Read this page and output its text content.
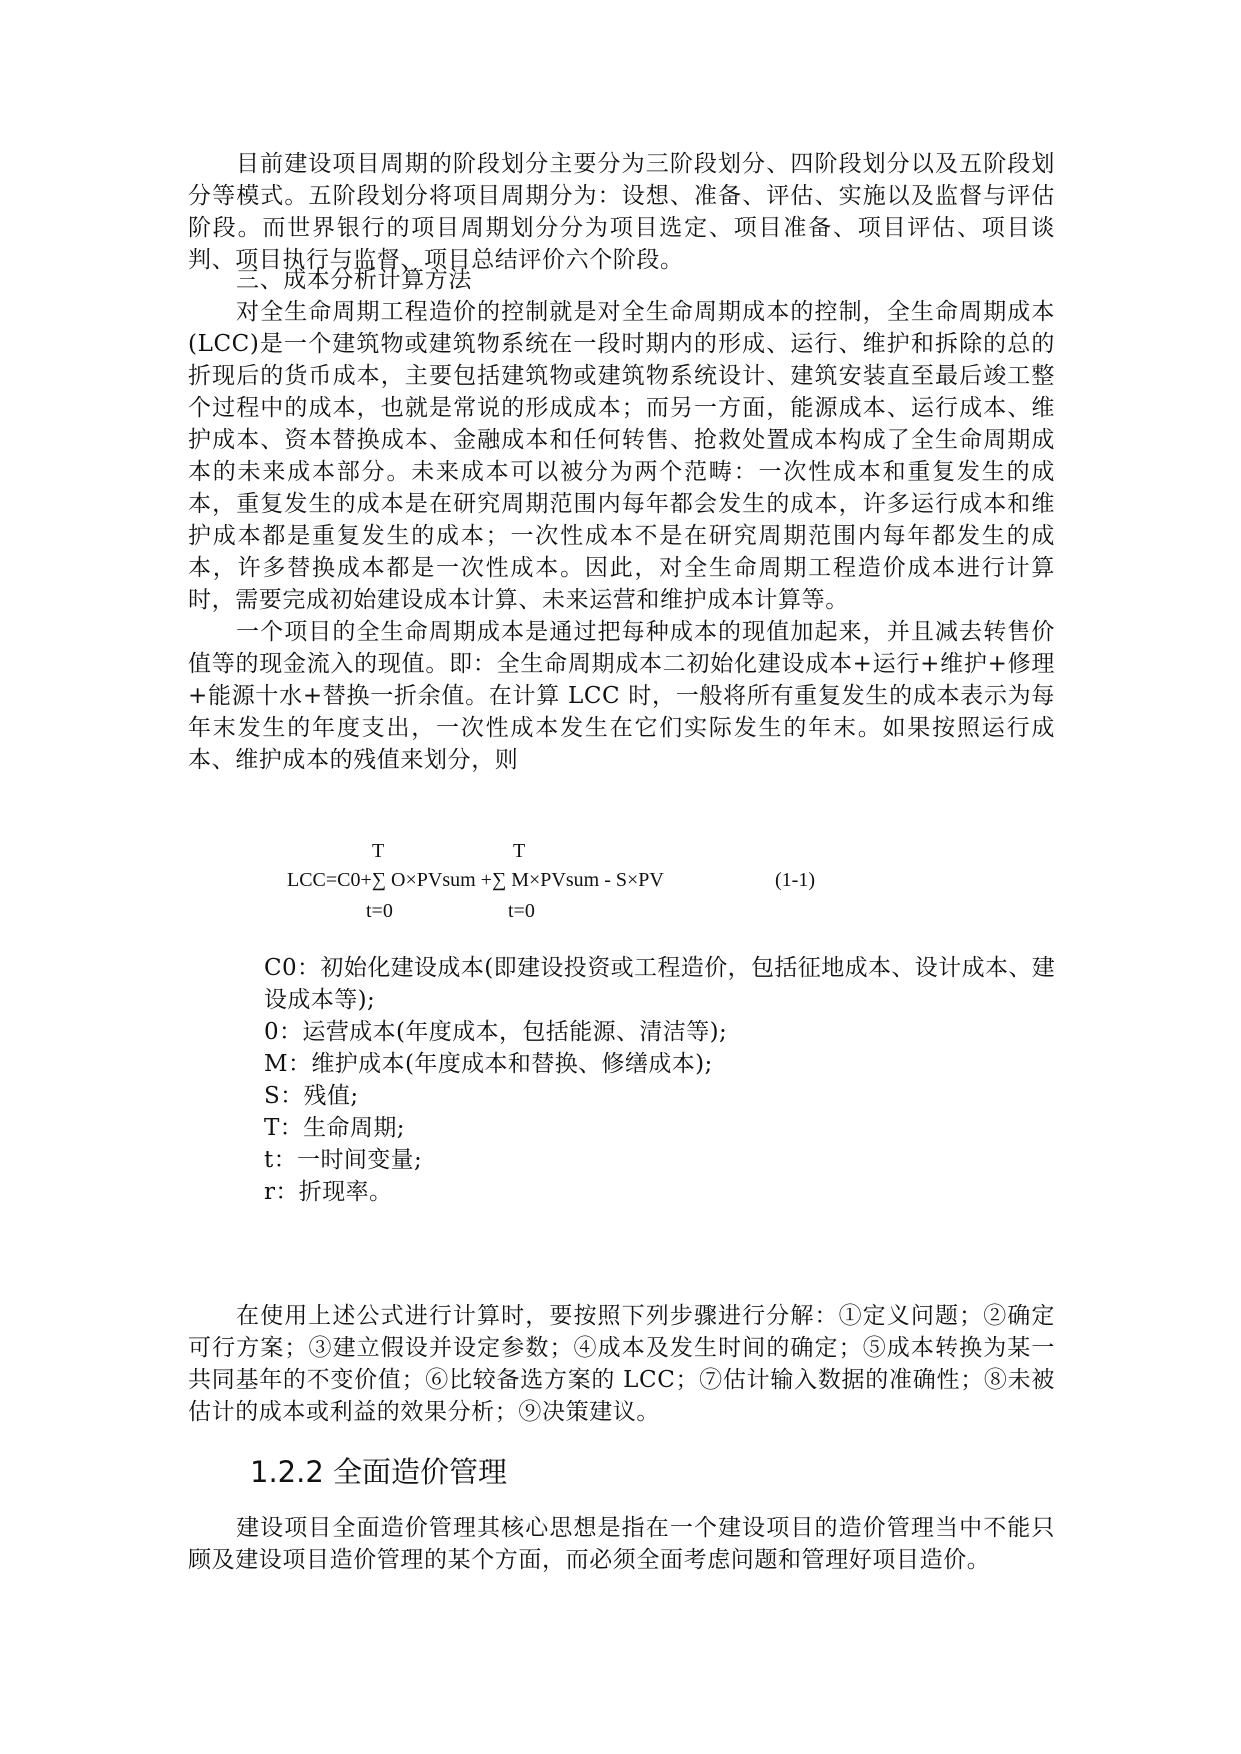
目前建设项目周期的阶段划分主要分为三阶段划分、四阶段划分以及五阶段划分等模式。五阶段划分将项目周期分为：设想、准备、评估、实施以及监督与评估阶段。而世界银行的项目周期划分分为项目选定、项目准备、项目评估、项目谈判、项目执行与监督、项目总结评价六个阶段。

三、成本分析计算方法

对全生命周期工程造价的控制就是对全生命周期成本的控制，全生命周期成本(LCC)是一个建筑物或建筑物系统在一段时期内的形成、运行、维护和拆除的总的折现后的货币成本，主要包括建筑物或建筑物系统设计、建筑安装直至最后竣工整个过程中的成本，也就是常说的形成成本；而另一方面，能源成本、运行成本、维护成本、资本替换成本、金融成本和任何转售、抢救处置成本构成了全生命周期成本的未来成本部分。未来成本可以被分为两个范畴：一次性成本和重复发生的成本，重复发生的成本是在研究周期范围内每年都会发生的成本，许多运行成本和维护成本都是重复发生的成本；一次性成本不是在研究周期范围内每年都发生的成本，许多替换成本都是一次性成本。因此，对全生命周期工程造价成本进行计算时，需要完成初始建设成本计算、未来运营和维护成本计算等。

一个项目的全生命周期成本是通过把每种成本的现值加起来，并且减去转售价值等的现金流入的现值。即：全生命周期成本二初始化建设成本+运行+维护+修理+能源十水+替换一折余值。在计算 LCC 时，一般将所有重复发生的成本表示为每年末发生的年度支出，一次性成本发生在它们实际发生的年末。如果按照运行成本、维护成本的残值来划分，则

T	T
LCC=C0+∑ O×PVsum +∑ M×PVsum - S×PV	(1-1)
t=0	t=0
C0：初始化建设成本(即建设投资或工程造价，包括征地成本、设计成本、建设成本等);
0：运营成本(年度成本，包括能源、清洁等);
M：维护成本(年度成本和替换、修缮成本);
S：残值;
T：生命周期;
t：一时间变量;
r：折现率。

在使用上述公式进行计算时，要按照下列步骤进行分解：①定义问题；②确定可行方案；③建立假设并设定参数；④成本及发生时间的确定；⑤成本转换为某一共同基年的不变价值；⑥比较备选方案的 LCC；⑦估计输入数据的准确性；⑧未被估计的成本或利益的效果分析；⑨决策建议。

1.2.2 全面造价管理

建设项目全面造价管理其核心思想是指在一个建设项目的造价管理当中不能只顾及建设项目造价管理的某个方面，而必须全面考虑问题和管理好项目造价。
